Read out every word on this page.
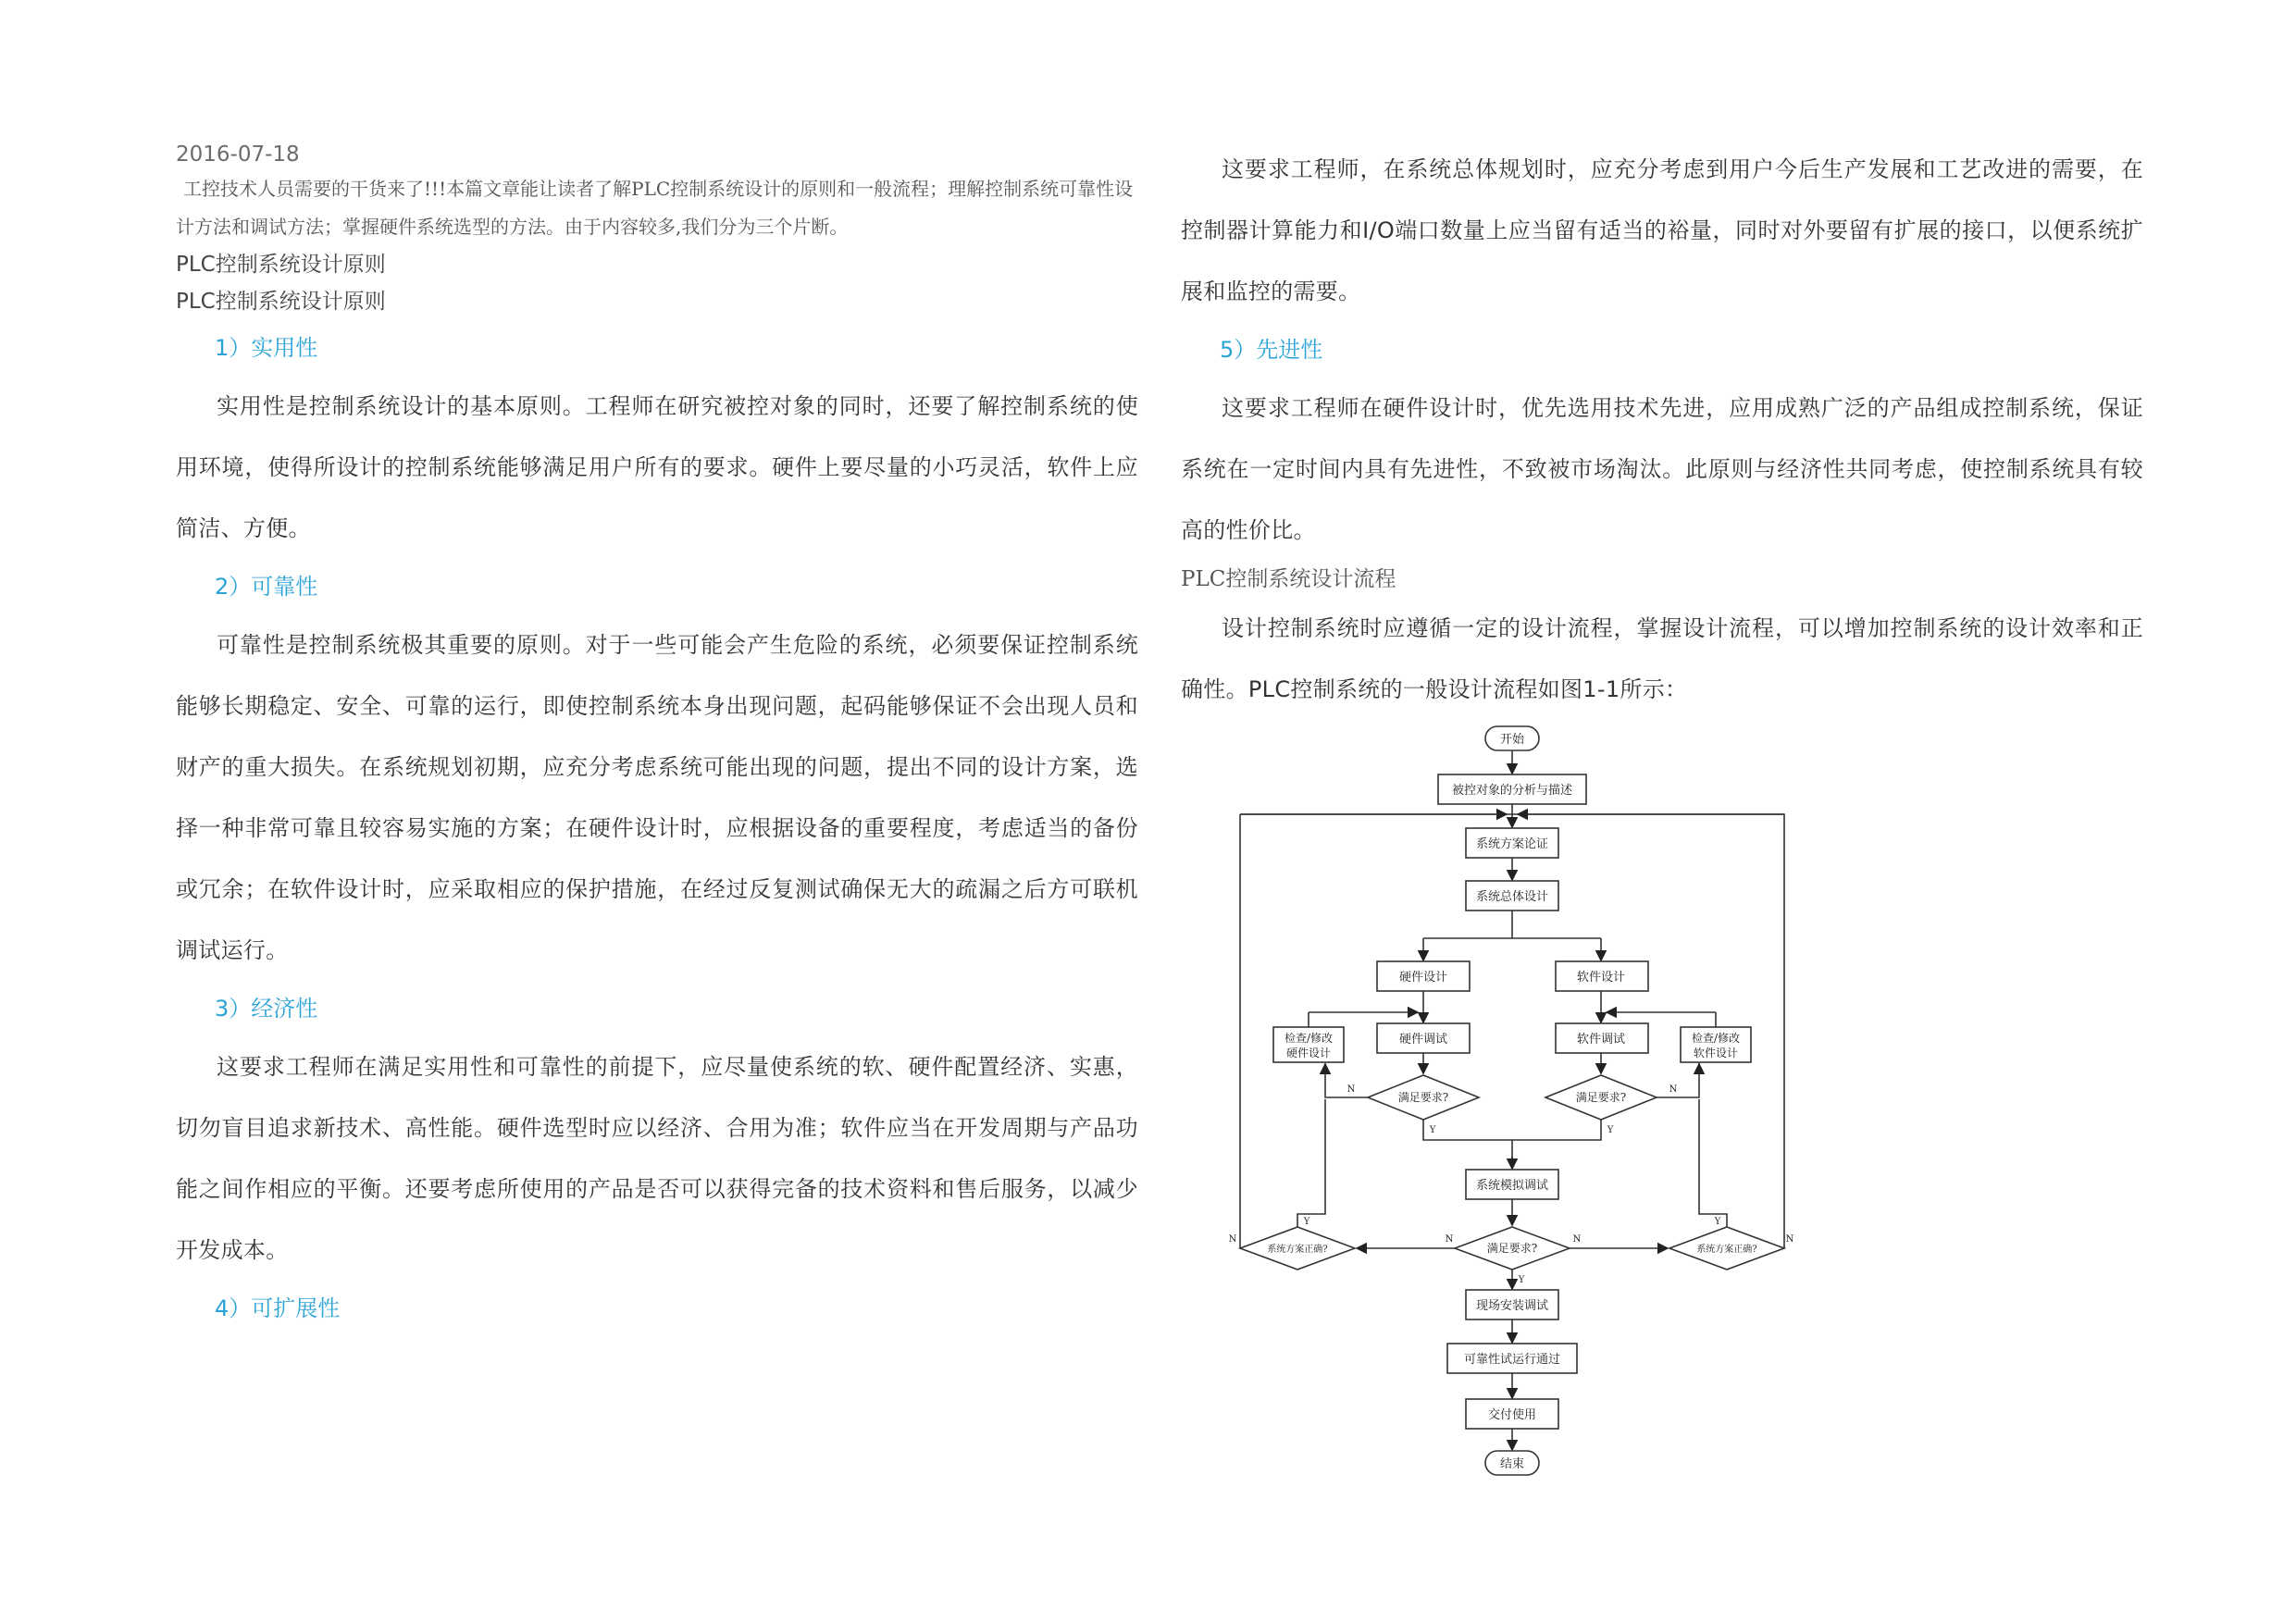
2016-07-18

工控技术人员需要的干货来了!!!本篇文章能让读者了解PLC控制系统设计的原则和一般流程；理解控制系统可靠性设计方法和调试方法；掌握硬件系统选型的方法。由于内容较多,我们分为三个片断。

PLC控制系统设计原则

PLC控制系统设计原则

1）实用性

实用性是控制系统设计的基本原则。工程师在研究被控对象的同时，还要了解控制系统的使用环境，使得所设计的控制系统能够满足用户所有的要求。硬件上要尽量的小巧灵活，软件上应简洁、方便。

2）可靠性

可靠性是控制系统极其重要的原则。对于一些可能会产生危险的系统，必须要保证控制系统能够长期稳定、安全、可靠的运行，即使控制系统本身出现问题，起码能够保证不会出现人员和财产的重大损失。在系统规划初期，应充分考虑系统可能出现的问题，提出不同的设计方案，选择一种非常可靠且较容易实施的方案；在硬件设计时，应根据设备的重要程度，考虑适当的备份或冗余；在软件设计时，应采取相应的保护措施，在经过反复测试确保无大的疏漏之后方可联机调试运行。

3）经济性

这要求工程师在满足实用性和可靠性的前提下，应尽量使系统的软、硬件配置经济、实惠，切勿盲目追求新技术、高性能。硬件选型时应以经济、合用为准；软件应当在开发周期与产品功能之间作相应的平衡。还要考虑所使用的产品是否可以获得完备的技术资料和售后服务，以减少开发成本。

4）可扩展性

这要求工程师，在系统总体规划时，应充分考虑到用户今后生产发展和工艺改进的需要，在控制器计算能力和I/O端口数量上应当留有适当的裕量，同时对外要留有扩展的接口，以便系统扩展和监控的需要。

5）先进性

这要求工程师在硬件设计时，优先选用技术先进，应用成熟广泛的产品组成控制系统，保证系统在一定时间内具有先进性，不致被市场淘汰。此原则与经济性共同考虑，使控制系统具有较高的性价比。

PLC控制系统设计流程

设计控制系统时应遵循一定的设计流程，掌握设计流程，可以增加控制系统的设计效率和正确性。PLC控制系统的一般设计流程如图1-1所示：

开始
被控对象的分析与描述
系统方案论证
系统总体设计
硬件设计	软件设计
硬件调试	软件调试
检查/修改
硬件设计
检查/修改
软件设计
满足要求?	满足要求?
系统模拟调试
满足要求?
系统方案正确?	系统方案正确?
现场安装调试
可靠性试运行通过
交付使用
结束
N
Y
N
Y
N	N
Y
N
Y
N
Y
